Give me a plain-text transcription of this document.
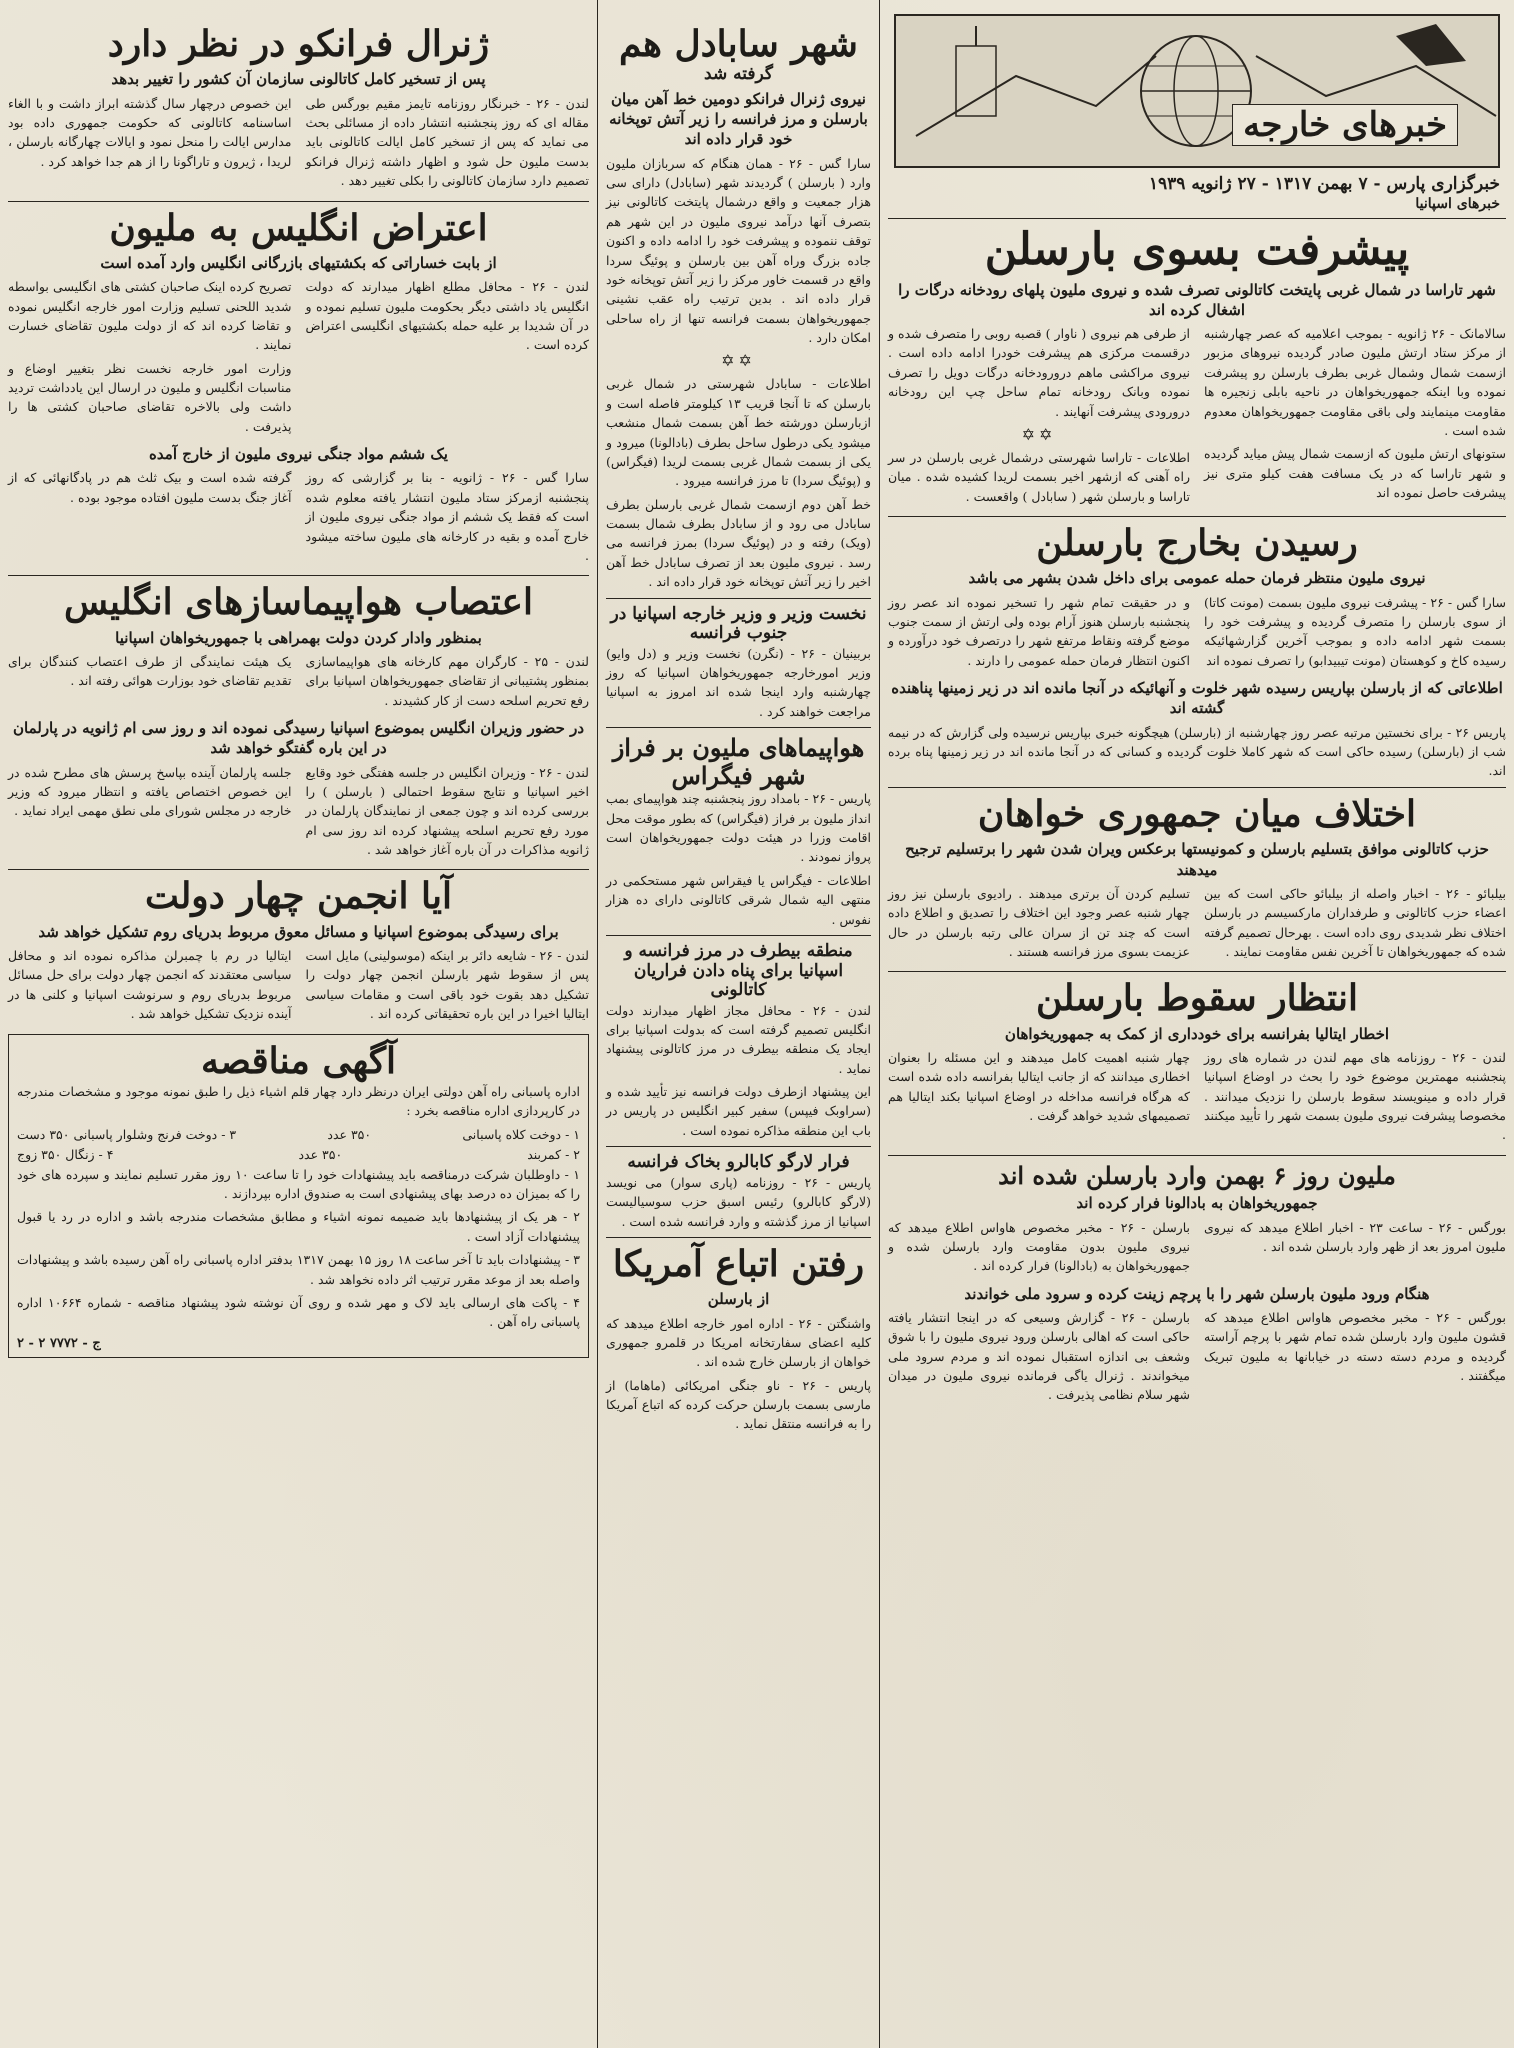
خبرهای خارجه
خبرگزاری پارس - ۷ بهمن ۱۳۱۷ - ۲۷ ژانویه ۱۹۳۹
خبرهای اسپانیا
پیشرفت بسوی بارسلن
شهر تاراسا در شمال غربی پایتخت کاتالونی تصرف شده و نیروی ملیون پلهای رودخانه درگات را اشغال کرده اند

سالامانک - ۲۶ ژانویه - بموجب اعلامیه که عصر چهارشنبه از مرکز ستاد ارتش ملیون صادر گردیده نیروهای مزبور ازسمت شمال وشمال غربی بطرف بارسلن رو پیشرفت نموده وبا اینکه جمهوریخواهان در ناحیه بابلی زنجیره ها مقاومت مینمایند ولی باقی مقاومت جمهوریخواهان معدوم شده است .

ستونهای ارتش ملیون که ازسمت شمال پیش میاید گردیده و شهر تاراسا که در یک مسافت هفت کیلو متری نیز پیشرفت حاصل نموده اند

از طرفی هم نیروی ( ناوار ) قصبه روبی را متصرف شده و درقسمت مرکزی هم پیشرفت خودرا ادامه داده است . نیروی مراکشی ماهم درورودخانه درگات دویل را تصرف نموده وبانک رودخانه تمام ساحل چپ این رودخانه درورودی پیشرفت آنهایند .

✡✡

اطلاعات - تاراسا شهرستی درشمال غربی بارسلن در سر راه آهنی که ازشهر اخیر بسمت لریدا کشیده شده . میان تاراسا و بارسلن شهر ( سابادل ) واقعست .

رسیدن بخارج بارسلن
نیروی ملیون منتظر فرمان حمله عمومی برای داخل شدن بشهر می باشد

سارا گس - ۲۶ - پیشرفت نیروی ملیون بسمت (مونت کاتا) از سوی بارسلن را متصرف گردیده و پیشرفت خود را بسمت شهر ادامه داده و بموجب آخرین گزارشهائیکه رسیده کاخ و کوهستان (مونت تیبیدابو) را تصرف نموده اند

و در حقیقت تمام شهر را تسخیر نموده اند عصر روز پنجشنبه بارسلن هنوز آرام بوده ولی ارتش از سمت جنوب موضع گرفته ونقاط مرتفع شهر را درتصرف خود درآورده و اکنون انتظار فرمان حمله عمومی را دارند .

اطلاعاتی که از بارسلن بپاریس رسیده شهر خلوت و آنهائیکه در آنجا مانده اند در زیر زمینها پناهنده گشته اند

پاریس ۲۶ - برای نخستین مرتبه عصر روز چهارشنبه از (بارسلن) هیچگونه خبری بپاریس نرسیده ولی گزارش که در نیمه شب از (بارسلن) رسیده حاکی است که شهر کاملا خلوت گردیده و کسانی که در آنجا مانده اند در زیر زمینها پناه برده اند.

اختلاف میان جمهوری خواهان
حزب کاتالونی موافق بتسلیم بارسلن و کمونیستها برعکس ویران شدن شهر را برتسلیم ترجیح میدهند

بیلبائو - ۲۶ - اخبار واصله از بیلبائو حاکی است که بین اعضاء حزب کاتالونی و طرفداران مارکسیسم در بارسلن اختلاف نظر شدیدی روی داده است . بهرحال تصمیم گرفته شده که جمهوریخواهان تا آخرین نفس مقاومت نمایند .

تسلیم کردن آن برتری میدهند . رادیوی بارسلن نیز روز چهار شنبه عصر وجود این اختلاف را تصدیق و اطلاع داده است که چند تن از سران عالی رتبه بارسلن در حال عزیمت بسوی مرز فرانسه هستند .

انتظار سقوط بارسلن
اخطار ایتالیا بفرانسه برای خودداری از کمک به جمهوریخواهان

لندن - ۲۶ - روزنامه های مهم لندن در شماره های روز پنجشنبه مهمترین موضوع خود را بحث در اوضاع اسپانیا قرار داده و مینویسند سقوط بارسلن را نزدیک میدانند . مخصوصا پیشرفت نیروی ملیون بسمت شهر را تأیید میکنند .

چهار شنبه اهمیت کامل میدهند و این مسئله را بعنوان اخطاری میدانند که از جانب ایتالیا بفرانسه داده شده است که هرگاه فرانسه مداخله در اوضاع اسپانیا بکند ایتالیا هم تصمیمهای شدید خواهد گرفت .

ملیون روز ۶ بهمن وارد بارسلن شده اند
جمهوریخواهان به بادالونا فرار کرده اند

بورگس - ۲۶ - ساعت ۲۳ - اخبار اطلاع میدهد که نیروی ملیون امروز بعد از ظهر وارد بارسلن شده اند .

بارسلن - ۲۶ - مخبر مخصوص هاواس اطلاع میدهد که نیروی ملیون بدون مقاومت وارد بارسلن شده و جمهوریخواهان به (بادالونا) فرار کرده اند .

هنگام ورود ملیون بارسلن شهر را با پرچم زینت کرده و سرود ملی خواندند

بورگس - ۲۶ - مخبر مخصوص هاواس اطلاع میدهد که قشون ملیون وارد بارسلن شده تمام شهر با پرچم آراسته گردیده و مردم دسته دسته در خیابانها به ملیون تبریک میگفتند .

بارسلن - ۲۶ - گزارش وسیعی که در اینجا انتشار یافته حاکی است که اهالی بارسلن ورود نیروی ملیون را با شوق وشعف بی اندازه استقبال نموده اند و مردم سرود ملی میخواندند . ژنرال یاگی فرمانده نیروی ملیون در میدان شهر سلام نظامی پذیرفت .

شهر سابادل هم
گرفته شد
نیروی ژنرال فرانکو دومین خط آهن میان بارسلن و مرز فرانسه را زیر آتش توپخانه خود قرار داده اند

سارا گس - ۲۶ - همان هنگام که سربازان ملیون وارد ( بارسلن ) گردیدند شهر (سابادل) دارای سی هزار جمعیت و واقع درشمال پایتخت کاتالونی نیز بتصرف آنها درآمد نیروی ملیون در این شهر هم توقف ننموده و پیشرفت خود را ادامه داده و اکنون جاده بزرگ وراه آهن بین بارسلن و پوئیگ سردا واقع در قسمت خاور مرکز را زیر آتش توپخانه خود قرار داده اند . بدین ترتیب راه عقب نشینی جمهوریخواهان بسمت فرانسه تنها از راه ساحلی امکان دارد .

✡✡

اطلاعات - سابادل شهرستی در شمال غربی بارسلن که تا آنجا قریب ۱۳ کیلومتر فاصله است و ازبارسلن دورشته خط آهن بسمت شمال منشعب میشود یکی درطول ساحل بطرف (بادالونا) میرود و یکی از بسمت شمال غربی بسمت لریدا (فیگراس) و (پوئیگ سردا) تا مرز فرانسه میرود .

خط آهن دوم ازسمت شمال غربی بارسلن بطرف سابادل می رود و از سابادل بطرف شمال بسمت (ویک) رفته و در (پوئیگ سردا) بمرز فرانسه می رسد . نیروی ملیون بعد از تصرف سابادل خط آهن اخیر را زیر آتش توپخانه خود قرار داده اند .

نخست وزیر و وزیر خارجه اسپانیا در جنوب فرانسه

بربینیان - ۲۶ - (نگرن) نخست وزیر و (دل وایو) وزیر امورخارجه جمهوریخواهان اسپانیا که روز چهارشنبه وارد اینجا شده اند امروز به اسپانیا مراجعت خواهند کرد .

هواپیماهای ملیون بر فراز شهر فیگراس

پاریس - ۲۶ - بامداد روز پنجشنبه چند هواپیمای بمب انداز ملیون بر فراز (فیگراس) که بطور موقت محل اقامت وزرا در هیئت دولت جمهوریخواهان است پرواز نمودند .

اطلاعات - فیگراس یا فیقراس شهر مستحکمی در منتهی الیه شمال شرقی کاتالونی دارای ده هزار نفوس .

منطقه بیطرف در مرز فرانسه و اسپانیا برای پناه دادن فراریان کاتالونی

لندن - ۲۶ - محافل مجاز اظهار میدارند دولت انگلیس تصمیم گرفته است که بدولت اسپانیا برای ایجاد یک منطقه بیطرف در مرز کاتالونی پیشنهاد نماید .

این پیشنهاد ازطرف دولت فرانسه نیز تأیید شده و (سراوبک فیپس) سفیر کبیر انگلیس در پاریس در باب این منطقه مذاکره نموده است .

فرار لارگو کابالرو بخاک فرانسه

پاریس - ۲۶ - روزنامه (پاری سوار) می نویسد (لارگو کابالرو) رئیس اسبق حزب سوسیالیست اسپانیا از مرز گذشته و وارد فرانسه شده است .

رفتن اتباع آمریکا
از بارسلن

واشنگتن - ۲۶ - اداره امور خارجه اطلاع میدهد که کلیه اعضای سفارتخانه امریکا در قلمرو جمهوری خواهان از بارسلن خارج شده اند .

پاریس - ۲۶ - ناو جنگی امریکائی (ماهاما) از مارسی بسمت بارسلن حرکت کرده که اتباع آمریکا را به فرانسه منتقل نماید .

ژنرال فرانکو در نظر دارد
پس از تسخیر کامل کاتالونی سازمان آن کشور را تغییر بدهد

لندن - ۲۶ - خبرنگار روزنامه تایمز مقیم بورگس طی مقاله ای که روز پنجشنبه انتشار داده از مسائلی بحث می نماید که پس از تسخیر کامل ایالت کاتالونی باید بدست ملیون حل شود و اظهار داشته ژنرال فرانکو تصمیم دارد سازمان کاتالونی را بکلی تغییر دهد .

این خصوص درچهار سال گذشته ابراز داشت و با الغاء اساسنامه کاتالونی که حکومت جمهوری داده بود مدارس ایالت را منحل نمود و ایالات چهارگانه بارسلن ، لریدا ، ژیرون و تاراگونا را از هم جدا خواهد کرد .

اعتراض انگلیس به ملیون
از بابت خساراتی که بکشتیهای بازرگانی انگلیس وارد آمده است

لندن - ۲۶ - محافل مطلع اظهار میدارند که دولت انگلیس یاد داشتی دیگر بحکومت ملیون تسلیم نموده و در آن شدیدا بر علیه حمله بکشتیهای انگلیسی اعتراض کرده است .

تصریح کرده اینک صاحبان کشتی های انگلیسی بواسطه شدید اللحنی تسلیم وزارت امور خارجه انگلیس نموده و تقاضا کرده اند که از دولت ملیون تقاضای خسارت نمایند .

وزارت امور خارجه نخست نظر بتغییر اوضاع و مناسبات انگلیس و ملیون در ارسال این یادداشت تردید داشت ولی بالاخره تقاضای صاحبان کشتی ها را پذیرفت .

یک ششم مواد جنگی نیروی ملیون از خارج آمده

سارا گس - ۲۶ - ژانویه - بنا بر گزارشی که روز پنجشنبه ازمرکز ستاد ملیون انتشار یافته معلوم شده است که فقط یک ششم از مواد جنگی نیروی ملیون از خارج آمده و بقیه در کارخانه های ملیون ساخته میشود .

گرفته شده است و بیک ثلث هم در پادگانهائی که از آغاز جنگ بدست ملیون افتاده موجود بوده .

اعتصاب هواپیماسازهای انگلیس
بمنظور وادار کردن دولت بهمراهی با جمهوریخواهان اسپانیا

لندن - ۲۵ - کارگران مهم کارخانه های هواپیماسازی بمنظور پشتیبانی از تقاضای جمهوریخواهان اسپانیا برای رفع تحریم اسلحه دست از کار کشیدند .

یک هیئت نمایندگی از طرف اعتصاب کنندگان برای تقدیم تقاضای خود بوزارت هوائی رفته اند .

در حضور وزیران انگلیس بموضوع اسپانیا رسیدگی نموده اند و روز سی ام ژانویه در پارلمان در این باره گفتگو خواهد شد

لندن - ۲۶ - وزیران انگلیس در جلسه هفتگی خود وقایع اخیر اسپانیا و نتایج سقوط احتمالی ( بارسلن ) را بررسی کرده اند و چون جمعی از نمایندگان پارلمان در مورد رفع تحریم اسلحه پیشنهاد کرده اند روز سی ام ژانویه مذاکرات در آن باره آغاز خواهد شد .

جلسه پارلمان آینده بپاسخ پرسش های مطرح شده در این خصوص اختصاص یافته و انتظار میرود که وزیر خارجه در مجلس شورای ملی نطق مهمی ایراد نماید .

آیا انجمن چهار دولت
برای رسیدگی بموضوع اسپانیا و مسائل معوق مربوط بدریای روم تشکیل خواهد شد

لندن - ۲۶ - شایعه دائر بر اینکه (موسولینی) مایل است پس از سقوط شهر بارسلن انجمن چهار دولت را تشکیل دهد بقوت خود باقی است و مقامات سیاسی ایتالیا اخیرا در این باره تحقیقاتی کرده اند .

ایتالیا در رم با چمبرلن مذاکره نموده اند و محافل سیاسی معتقدند که انجمن چهار دولت برای حل مسائل مربوط بدریای روم و سرنوشت اسپانیا و کلنی ها در آینده نزدیک تشکیل خواهد شد .

آگهی مناقصه

اداره پاسبانی راه آهن دولتی ایران درنظر دارد چهار قلم اشیاء ذیل را طبق نمونه موجود و مشخصات مندرجه در کارپردازی اداره مناقصه بخرد :

۱ - دوخت کلاه پاسبانی
۳۵۰ عدد
۳ - دوخت فرنج وشلوار پاسبانی ۳۵۰ دست
۲ - کمربند
۳۵۰ عدد
۴ - زنگال ۳۵۰ زوج

۱ - داوطلبان شرکت درمناقصه باید پیشنهادات خود را تا ساعت ۱۰ روز مقرر تسلیم نمایند و سپرده های خود را که بمیزان ده درصد بهای پیشنهادی است به صندوق اداره بپردازند .

۲ - هر یک از پیشنهادها باید ضمیمه نمونه اشیاء و مطابق مشخصات مندرجه باشد و اداره در رد یا قبول پیشنهادات آزاد است .

۳ - پیشنهادات باید تا آخر ساعت ۱۸ روز ۱۵ بهمن ۱۳۱۷ بدفتر اداره پاسبانی راه آهن رسیده باشد و پیشنهادات واصله بعد از موعد مقرر ترتیب اثر داده نخواهد شد .

۴ - پاکت های ارسالی باید لاک و مهر شده و روی آن نوشته شود پیشنهاد مناقصه - شماره ۱۰۶۶۴ اداره پاسبانی راه آهن .

۲ - ۲ ۷۷۷۲ - ج
